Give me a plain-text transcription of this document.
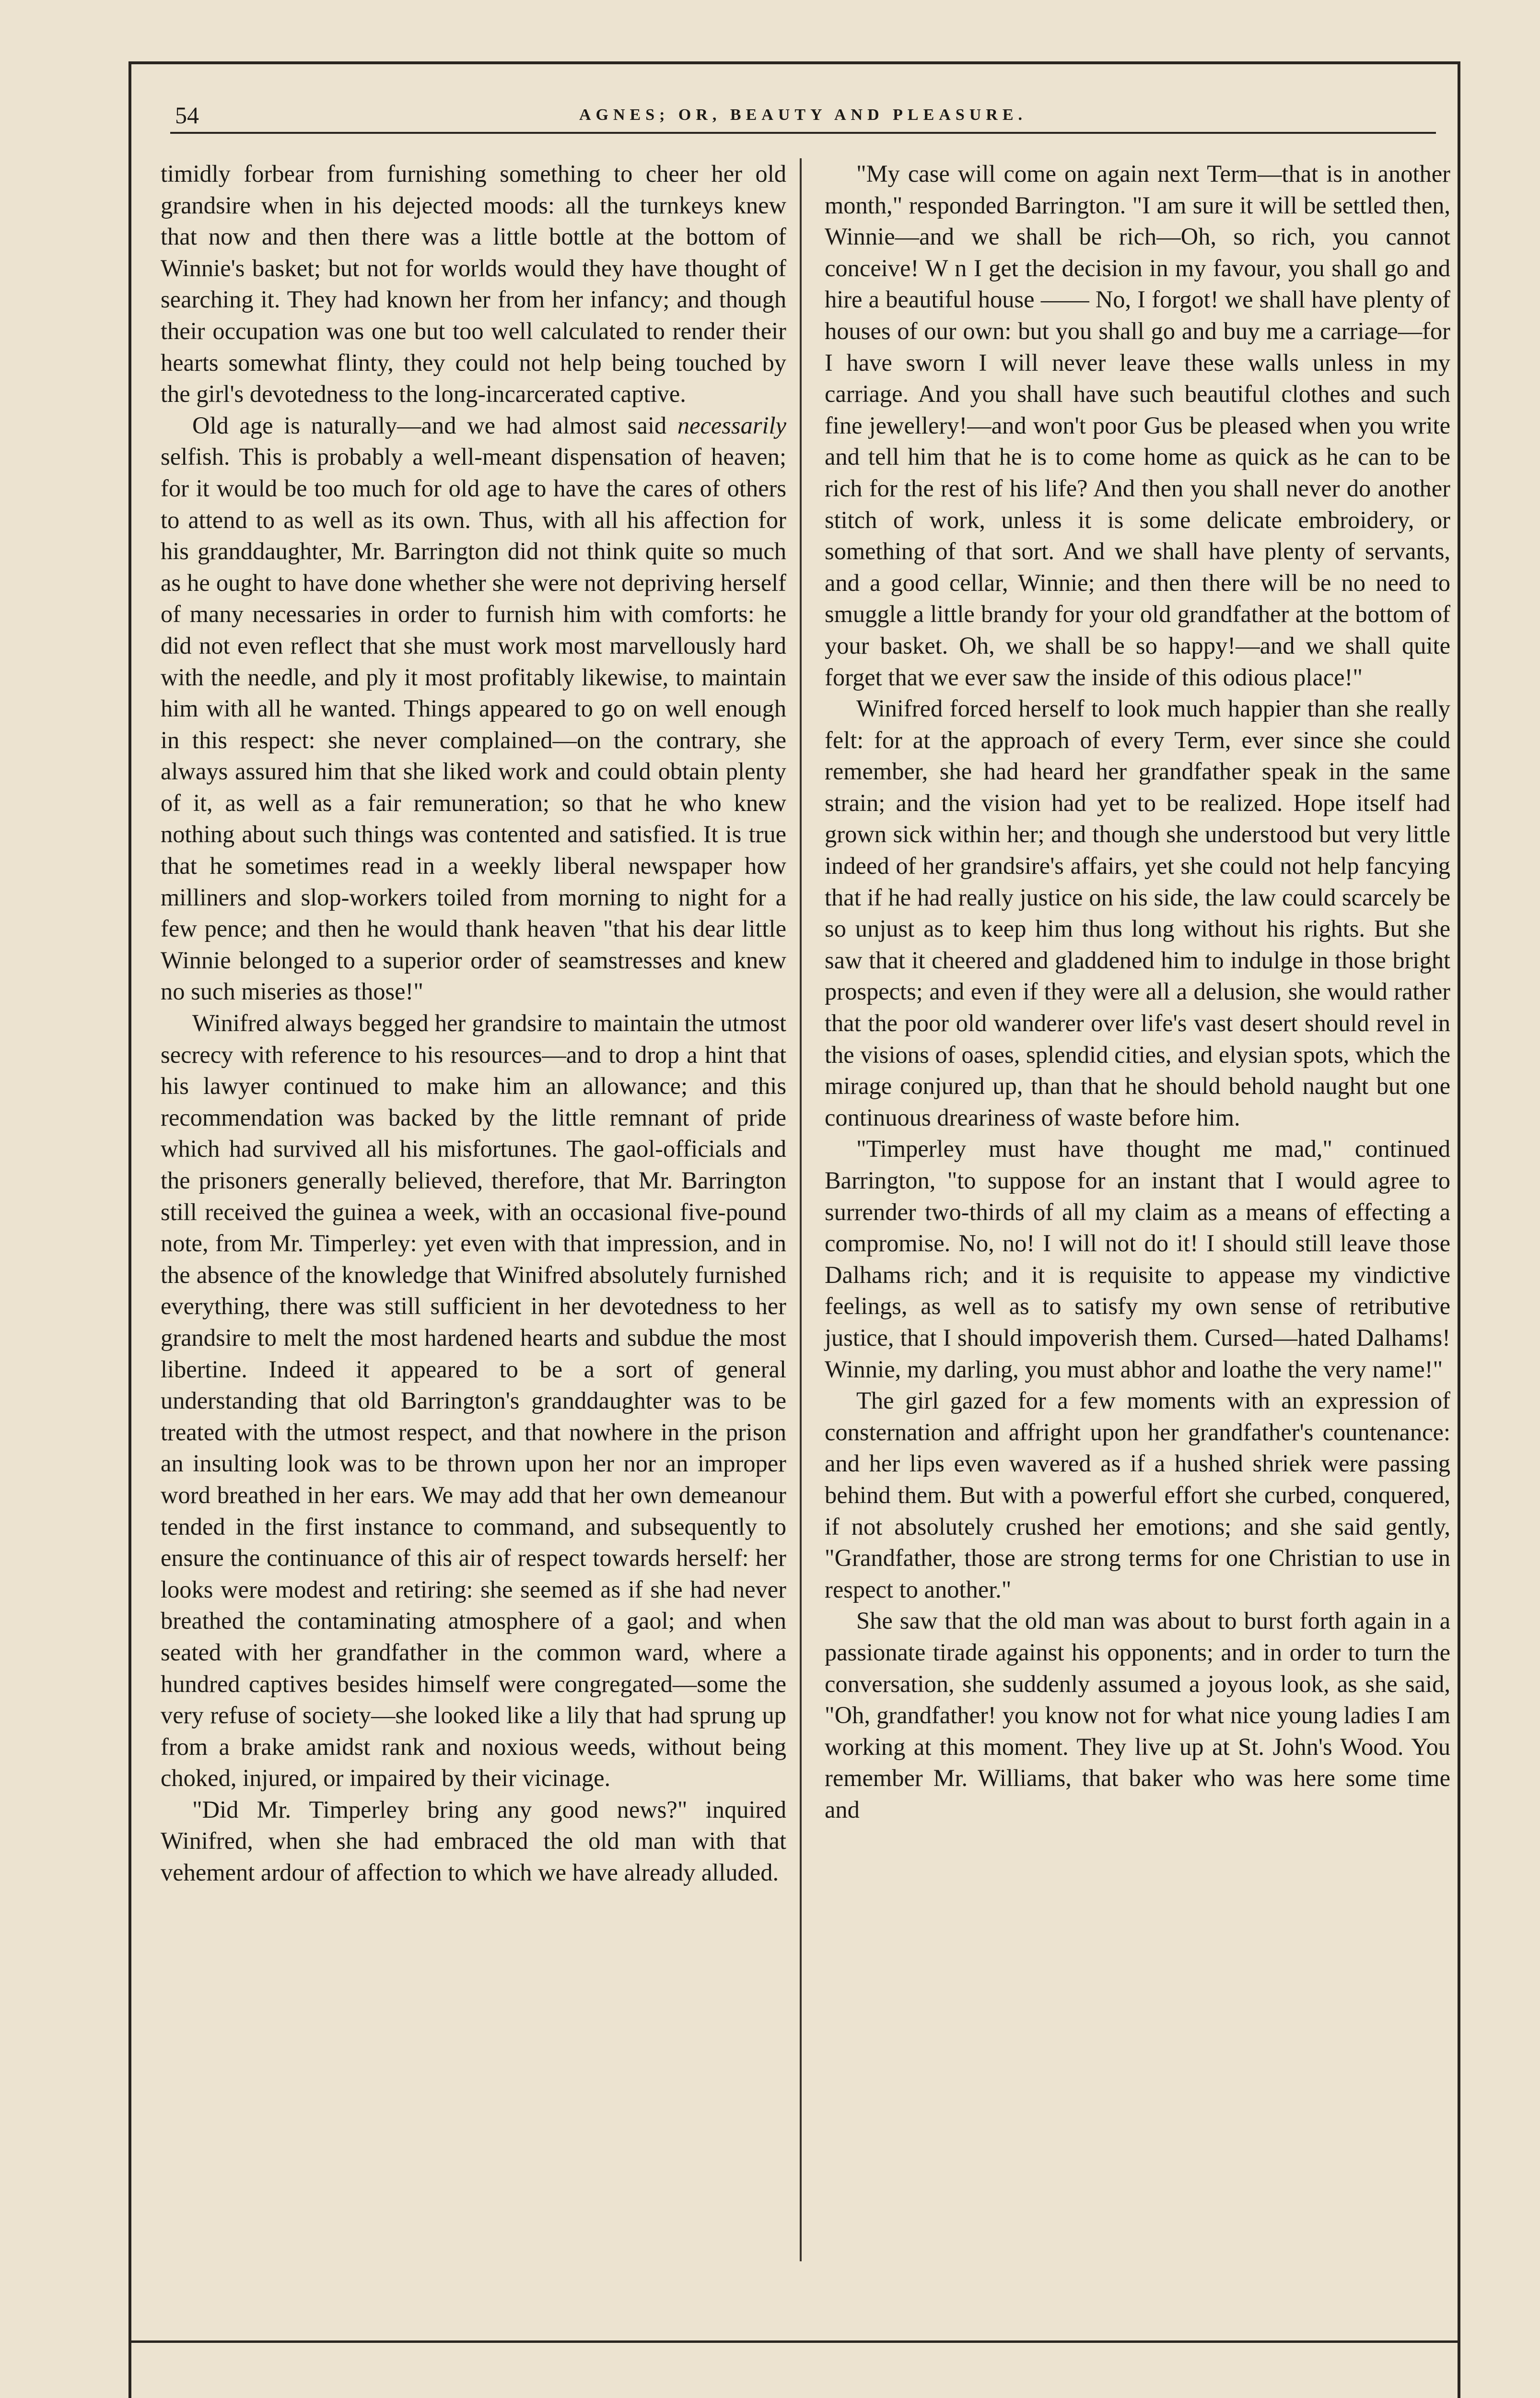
54	AGNES; OR, BEAUTY AND PLEASURE.

timidly forbear from furnishing something to cheer her old grandsire when in his dejected moods: all the turnkeys knew that now and then there was a little bottle at the bottom of Winnie's basket; but not for worlds would they have thought of searching it. They had known her from her infancy; and though their occupation was one but too well calculated to render their hearts somewhat flinty, they could not help being touched by the girl's devotedness to the long-incarcerated captive.

Old age is naturally—and we had almost said necessarily selfish. This is probably a well-meant dispensation of heaven; for it would be too much for old age to have the cares of others to attend to as well as its own. Thus, with all his affection for his granddaughter, Mr. Barrington did not think quite so much as he ought to have done whether she were not depriving herself of many necessaries in order to furnish him with comforts: he did not even reflect that she must work most marvellously hard with the needle, and ply it most profitably likewise, to maintain him with all he wanted. Things appeared to go on well enough in this respect: she never complained—on the contrary, she always assured him that she liked work and could obtain plenty of it, as well as a fair remuneration; so that he who knew nothing about such things was contented and satisfied. It is true that he sometimes read in a weekly liberal newspaper how milliners and slop-workers toiled from morning to night for a few pence; and then he would thank heaven "that his dear little Winnie belonged to a superior order of seamstresses and knew no such miseries as those!"

Winifred always begged her grandsire to maintain the utmost secrecy with reference to his resources—and to drop a hint that his lawyer continued to make him an allowance; and this recommendation was backed by the little remnant of pride which had survived all his misfortunes. The gaol-officials and the prisoners generally believed, therefore, that Mr. Barrington still received the guinea a week, with an occasional five-pound note, from Mr. Timperley: yet even with that impression, and in the absence of the knowledge that Winifred absolutely furnished everything, there was still sufficient in her devotedness to her grandsire to melt the most hardened hearts and subdue the most libertine. Indeed it appeared to be a sort of general understanding that old Barrington's granddaughter was to be treated with the utmost respect, and that nowhere in the prison an insulting look was to be thrown upon her nor an improper word breathed in her ears. We may add that her own demeanour tended in the first instance to command, and subsequently to ensure the continuance of this air of respect towards herself: her looks were modest and retiring: she seemed as if she had never breathed the contaminating atmosphere of a gaol; and when seated with her grandfather in the common ward, where a hundred captives besides himself were congregated—some the very refuse of society—she looked like a lily that had sprung up from a brake amidst rank and noxious weeds, without being choked, injured, or impaired by their vicinage.

"Did Mr. Timperley bring any good news?" inquired Winifred, when she had embraced the old man with that vehement ardour of affection to which we have already alluded.

"My case will come on again next Term—that is in another month," responded Barrington. "I am sure it will be settled then, Winnie—and we shall be rich—Oh, so rich, you cannot conceive! W n I get the decision in my favour, you shall go and hire a beautiful house —— No, I forgot! we shall have plenty of houses of our own: but you shall go and buy me a carriage—for I have sworn I will never leave these walls unless in my carriage. And you shall have such beautiful clothes and such fine jewellery!—and won't poor Gus be pleased when you write and tell him that he is to come home as quick as he can to be rich for the rest of his life? And then you shall never do another stitch of work, unless it is some delicate embroidery, or something of that sort. And we shall have plenty of servants, and a good cellar, Winnie; and then there will be no need to smuggle a little brandy for your old grandfather at the bottom of your basket. Oh, we shall be so happy!—and we shall quite forget that we ever saw the inside of this odious place!"

Winifred forced herself to look much happier than she really felt: for at the approach of every Term, ever since she could remember, she had heard her grandfather speak in the same strain; and the vision had yet to be realized. Hope itself had grown sick within her; and though she understood but very little indeed of her grandsire's affairs, yet she could not help fancying that if he had really justice on his side, the law could scarcely be so unjust as to keep him thus long without his rights. But she saw that it cheered and gladdened him to indulge in those bright prospects; and even if they were all a delusion, she would rather that the poor old wanderer over life's vast desert should revel in the visions of oases, splendid cities, and elysian spots, which the mirage conjured up, than that he should behold naught but one continuous dreariness of waste before him.

"Timperley must have thought me mad," continued Barrington, "to suppose for an instant that I would agree to surrender two-thirds of all my claim as a means of effecting a compromise. No, no! I will not do it! I should still leave those Dalhams rich; and it is requisite to appease my vindictive feelings, as well as to satisfy my own sense of retributive justice, that I should impoverish them. Cursed—hated Dalhams! Winnie, my darling, you must abhor and loathe the very name!"

The girl gazed for a few moments with an expression of consternation and affright upon her grandfather's countenance: and her lips even wavered as if a hushed shriek were passing behind them. But with a powerful effort she curbed, conquered, if not absolutely crushed her emotions; and she said gently, "Grandfather, those are strong terms for one Christian to use in respect to another."

She saw that the old man was about to burst forth again in a passionate tirade against his opponents; and in order to turn the conversation, she suddenly assumed a joyous look, as she said, "Oh, grandfather! you know not for what nice young ladies I am working at this moment. They live up at St. John's Wood. You remember Mr. Williams, that baker who was here some time and
